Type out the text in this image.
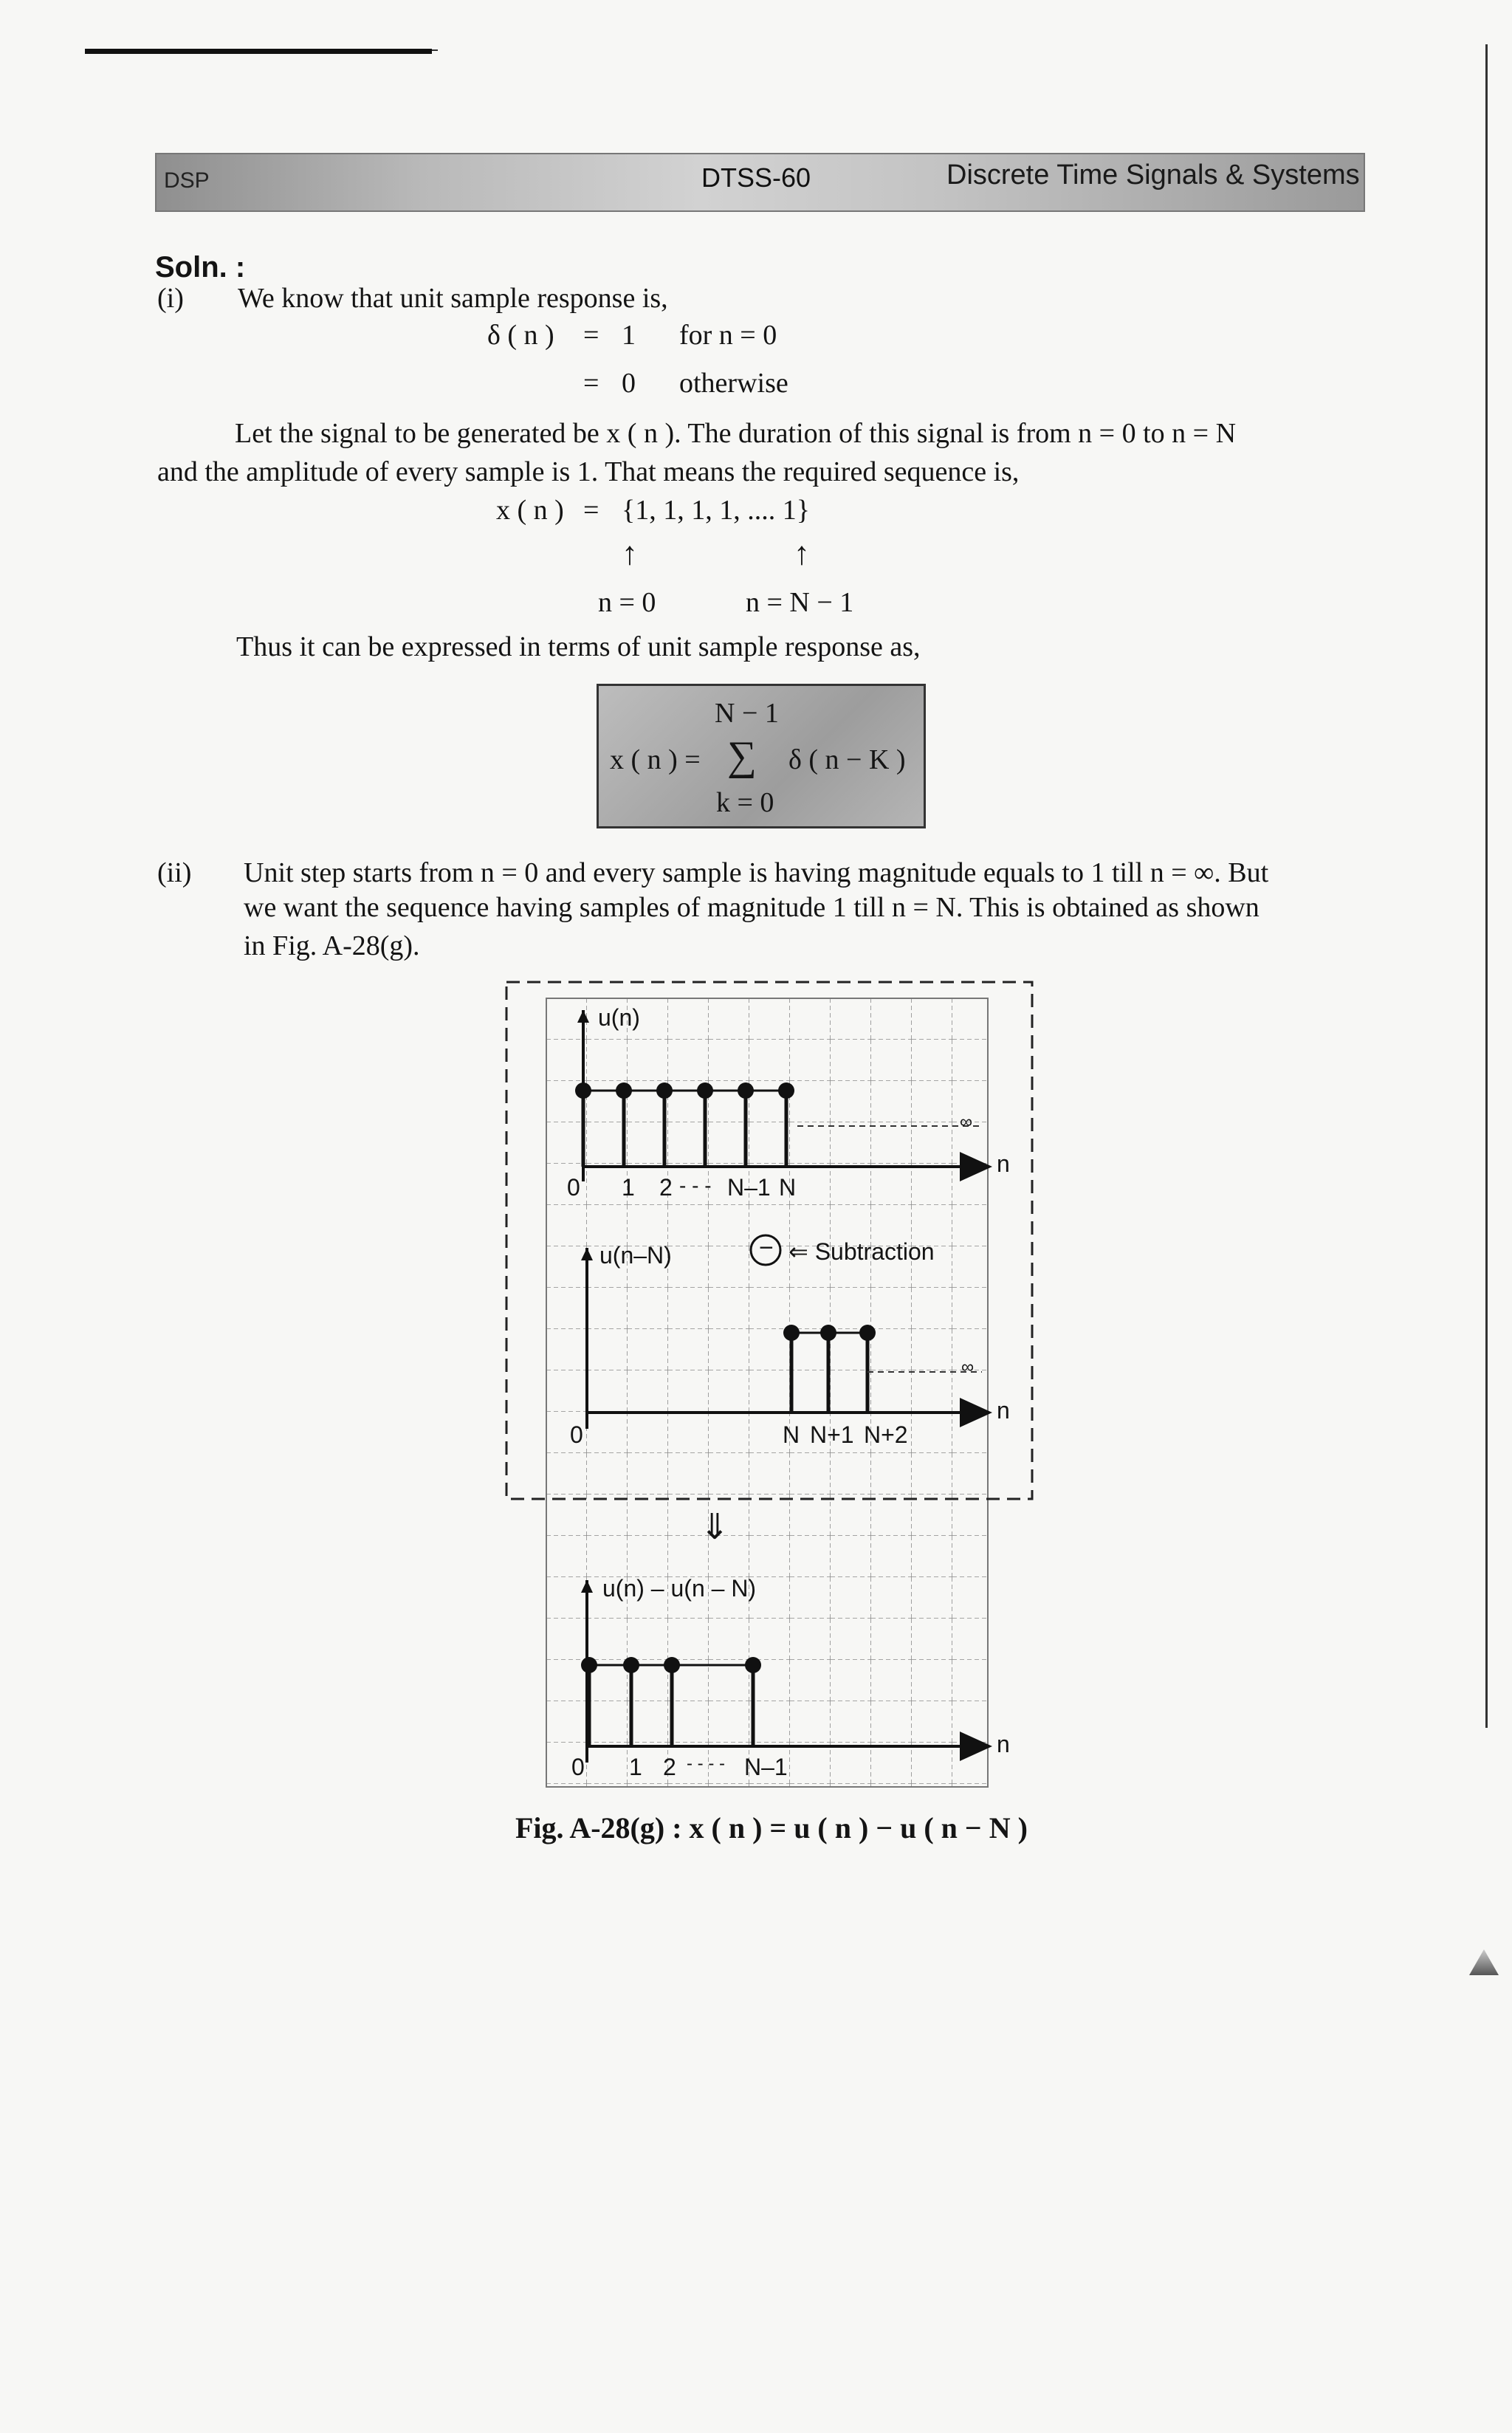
DSP	DTSS-60	Discrete Time Signals & Systems
Soln. :
(i) We know that unit sample response is,
δ ( n ) = 1 for n = 0
= 0 otherwise
Let the signal to be generated be x ( n ). The duration of this signal is from n = 0 to n = N
and the amplitude of every sample is 1. That means the required sequence is,
x ( n ) = {1, 1, 1, 1, .... 1}
↑	↑
n = 0	n = N − 1
Thus it can be expressed in terms of unit sample response as,
N − 1
x ( n ) = ∑ δ ( n − K )
k = 0
(ii) Unit step starts from n = 0 and every sample is having magnitude equals to 1 till n = ∞. But
we want the sequence having samples of magnitude 1 till n = N. This is obtained as shown
in Fig. A-28(g).
u(n)
n
∞
0 1 2 - - - N–1 N
u(n–N)	− ⇐ Subtraction
n
∞
0	N N+1 N+2
⇓
u(n) – u(n – N)
n
0 1 2 - - - - N–1
Fig. A-28(g) : x ( n ) = u ( n ) − u ( n − N )
